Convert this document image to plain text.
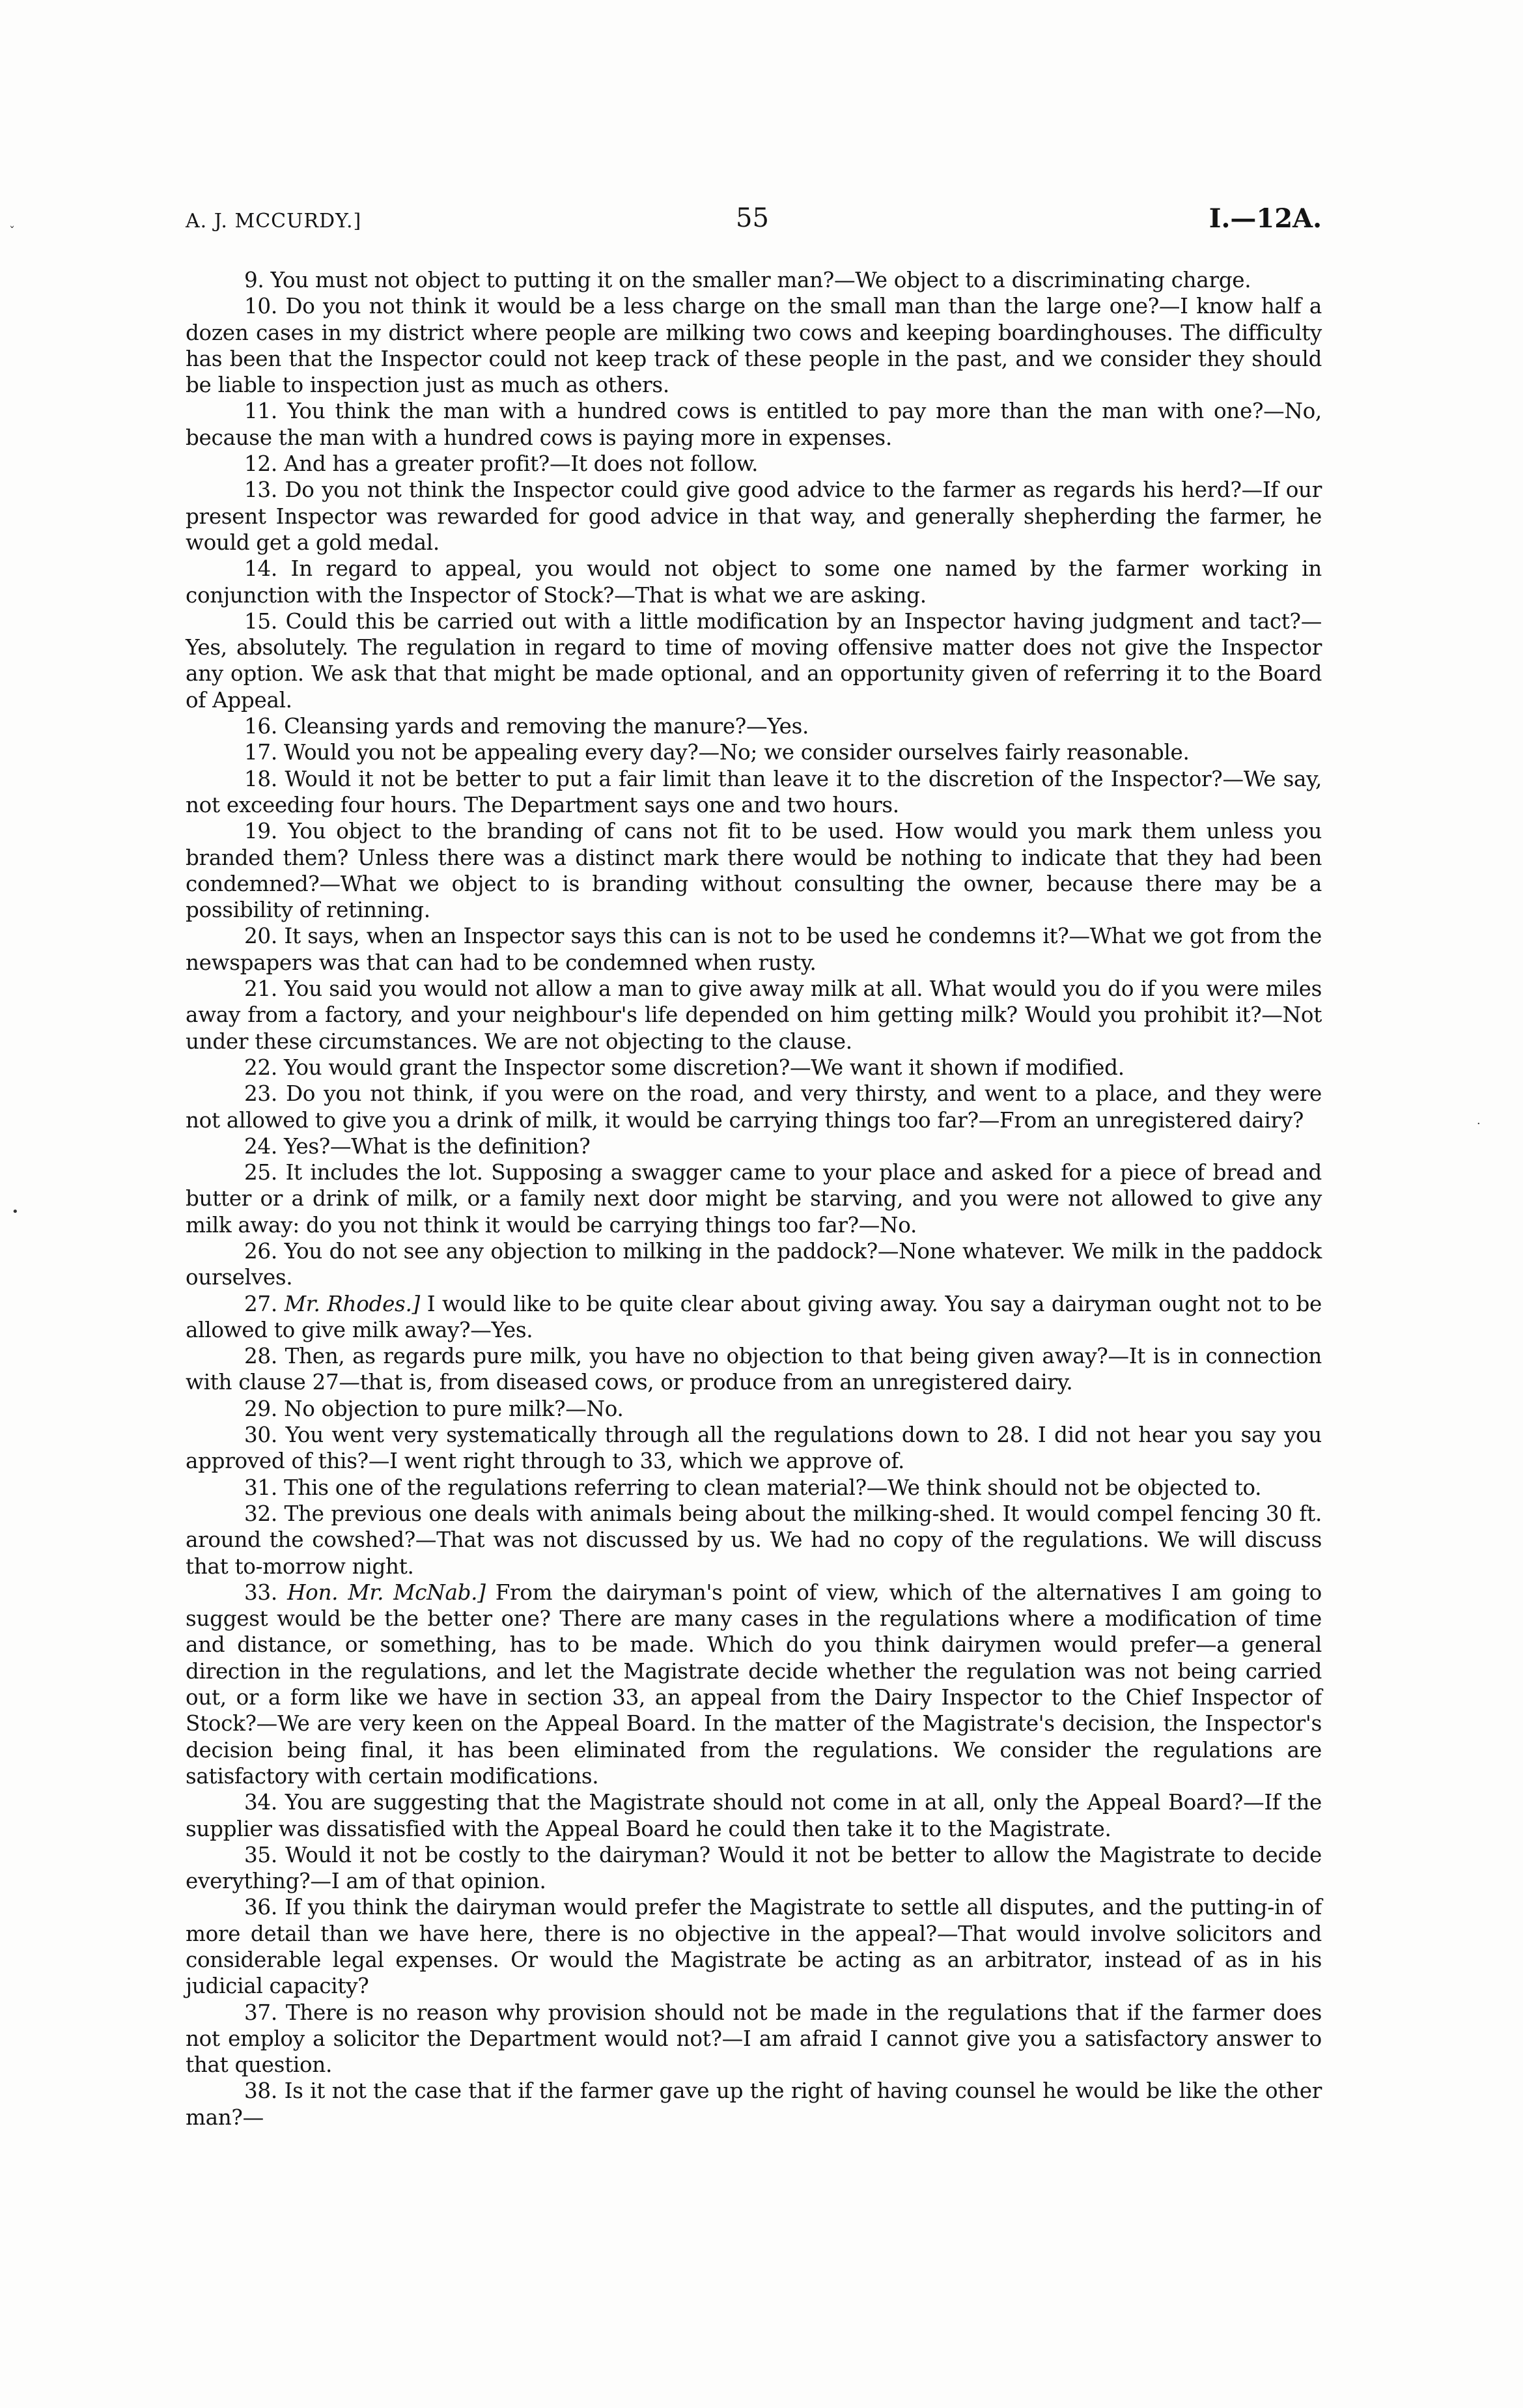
ˇ
·
•
A. J. MCCURDY.]	55	I.—12A.

9. You must not object to putting it on the smaller man?—We object to a discriminating charge.

10. Do you not think it would be a less charge on the small man than the large one?—I know half a dozen cases in my district where people are milking two cows and keeping boardinghouses. The difficulty has been that the Inspector could not keep track of these people in the past, and we consider they should be liable to inspection just as much as others.

11. You think the man with a hundred cows is entitled to pay more than the man with one?—No, because the man with a hundred cows is paying more in expenses.

12. And has a greater profit?—It does not follow.

13. Do you not think the Inspector could give good advice to the farmer as regards his herd?—If our present Inspector was rewarded for good advice in that way, and generally shepherding the farmer, he would get a gold medal.

14. In regard to appeal, you would not object to some one named by the farmer working in conjunction with the Inspector of Stock?—That is what we are asking.

15. Could this be carried out with a little modification by an Inspector having judgment and tact?—Yes, absolutely. The regulation in regard to time of moving offensive matter does not give the Inspector any option. We ask that that might be made optional, and an opportunity given of referring it to the Board of Appeal.

16. Cleansing yards and removing the manure?—Yes.

17. Would you not be appealing every day?—No; we consider ourselves fairly reasonable.

18. Would it not be better to put a fair limit than leave it to the discretion of the Inspector?—We say, not exceeding four hours. The Department says one and two hours.

19. You object to the branding of cans not fit to be used. How would you mark them unless you branded them? Unless there was a distinct mark there would be nothing to indicate that they had been condemned?—What we object to is branding without consulting the owner, because there may be a possibility of retinning.

20. It says, when an Inspector says this can is not to be used he condemns it?—What we got from the newspapers was that can had to be condemned when rusty.

21. You said you would not allow a man to give away milk at all. What would you do if you were miles away from a factory, and your neighbour's life depended on him getting milk? Would you prohibit it?—Not under these circumstances. We are not objecting to the clause.

22. You would grant the Inspector some discretion?—We want it shown if modified.

23. Do you not think, if you were on the road, and very thirsty, and went to a place, and they were not allowed to give you a drink of milk, it would be carrying things too far?—From an unregistered dairy?

24. Yes?—What is the definition?

25. It includes the lot. Supposing a swagger came to your place and asked for a piece of bread and butter or a drink of milk, or a family next door might be starving, and you were not allowed to give any milk away: do you not think it would be carrying things too far?—No.

26. You do not see any objection to milking in the paddock?—None whatever. We milk in the paddock ourselves.

27. Mr. Rhodes.] I would like to be quite clear about giving away. You say a dairyman ought not to be allowed to give milk away?—Yes.

28. Then, as regards pure milk, you have no objection to that being given away?—It is in connection with clause 27—that is, from diseased cows, or produce from an unregistered dairy.

29. No objection to pure milk?—No.

30. You went very systematically through all the regulations down to 28. I did not hear you say you approved of this?—I went right through to 33, which we approve of.

31. This one of the regulations referring to clean material?—We think should not be objected to.

32. The previous one deals with animals being about the milking-shed. It would compel fencing 30 ft. around the cowshed?—That was not discussed by us. We had no copy of the regulations. We will discuss that to-morrow night.

33. Hon. Mr. McNab.] From the dairyman's point of view, which of the alternatives I am going to suggest would be the better one? There are many cases in the regulations where a modification of time and distance, or something, has to be made. Which do you think dairymen would prefer—a general direction in the regulations, and let the Magistrate decide whether the regulation was not being carried out, or a form like we have in section 33, an appeal from the Dairy Inspector to the Chief Inspector of Stock?—We are very keen on the Appeal Board. In the matter of the Magistrate's decision, the Inspector's decision being final, it has been eliminated from the regulations. We consider the regulations are satisfactory with certain modifications.

34. You are suggesting that the Magistrate should not come in at all, only the Appeal Board?—If the supplier was dissatisfied with the Appeal Board he could then take it to the Magistrate.

35. Would it not be costly to the dairyman? Would it not be better to allow the Magistrate to decide everything?—I am of that opinion.

36. If you think the dairyman would prefer the Magistrate to settle all disputes, and the putting-in of more detail than we have here, there is no objective in the appeal?—That would involve solicitors and considerable legal expenses. Or would the Magistrate be acting as an arbitrator, instead of as in his judicial capacity?

37. There is no reason why provision should not be made in the regulations that if the farmer does not employ a solicitor the Department would not?—I am afraid I cannot give you a satisfactory answer to that question.

38. Is it not the case that if the farmer gave up the right of having counsel he would be like the other man?—
